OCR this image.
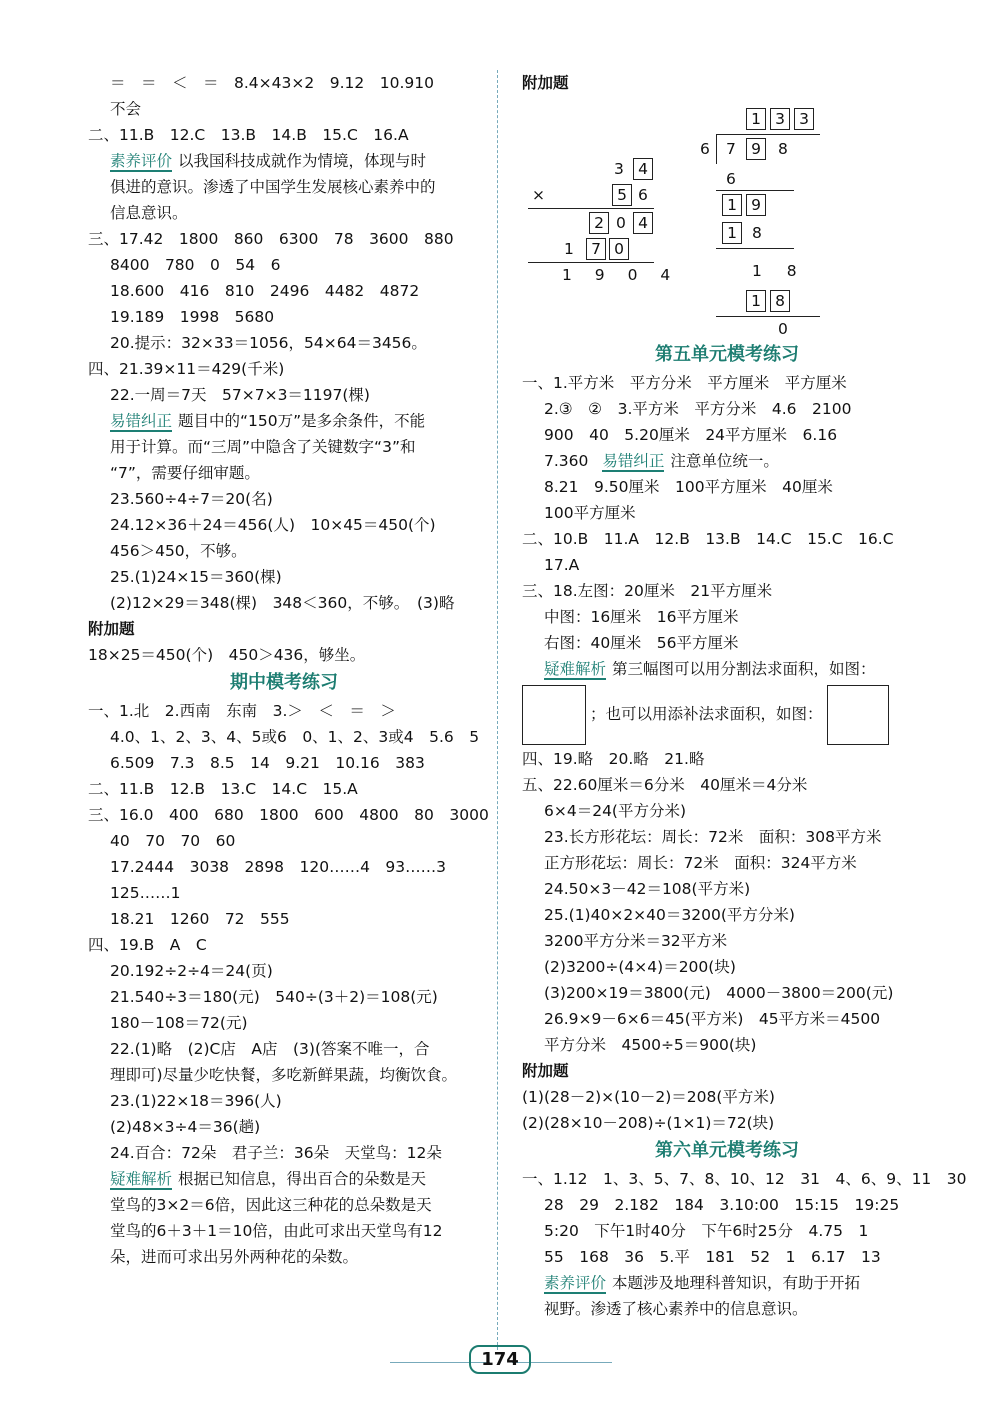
＝　＝　＜　＝　8.4×43×2　9.12　10.910
不会
二、11.B　12.C　13.B　14.B　15.C　16.A
素养评价 以我国科技成就作为情境，体现与时
俱进的意识。渗透了中国学生发展核心素养中的
信息意识。
三、17.42　1800　860　6300　78　3600　880
8400　780　0　54　6
18.600　416　810　2496　4482　4872
19.189　1998　5680
20.提示：32×33＝1056，54×64＝3456。
四、21.39×11＝429(千米)
22.一周＝7天　57×7×3＝1197(棵)
易错纠正 题目中的“150万”是多余条件，不能
用于计算。而“三周”中隐含了关键数字“3”和
“7”，需要仔细审题。
23.560÷4÷7＝20(名)
24.12×36＋24＝456(人)　10×45＝450(个)
456＞450，不够。
25.(1)24×15＝360(棵)
(2)12×29＝348(棵)　348＜360，不够。　(3)略
附加题
18×25＝450(个)　450＞436，够坐。
期中模考练习
一、1.北　2.西南　东南　3.＞　＜　＝　＞
4.0、1、2、3、4、5或6　0、1、2、3或4　5.6　5
6.509　7.3　8.5　14　9.21　10.16　383
二、11.B　12.B　13.C　14.C　15.A
三、16.0　400　680　1800　600　4800　80　3000
40　70　70　60
17.2444　3038　2898　120……4　93……3
125……1
18.21　1260　72　555
四、19.B　A　C
20.192÷2÷4＝24(页)
21.540÷3＝180(元)　540÷(3＋2)＝108(元)
180－108＝72(元)
22.(1)略　(2)C店　A店　(3)(答案不唯一，合
理即可)尽量少吃快餐，多吃新鲜果蔬，均衡饮食。
23.(1)22×18＝396(人)
(2)48×3÷4＝36(趟)
24.百合：72朵　君子兰：36朵　天堂鸟：12朵
疑难解析 根据已知信息，得出百合的朵数是天
堂鸟的3×2＝6倍，因此这三种花的总朵数是天
堂鸟的6＋3＋1＝10倍，由此可求出天堂鸟有12
朵，进而可求出另外两种花的朵数。
附加题
第五单元模考练习
一、1.平方米　平方分米　平方厘米　平方厘米
2.③　②　3.平方米　平方分米　4.6　2100
900　40　5.20厘米　24平方厘米　6.16
7.360 易错纠正 注意单位统一。
8.21　9.50厘米　100平方厘米　40厘米
100平方厘米
二、10.B　11.A　12.B　13.B　14.C　15.C　16.C
17.A
三、18.左图：20厘米　21平方厘米
中图：16厘米　16平方厘米
右图：40厘米　56平方厘米
疑难解析 第三幅图可以用分割法求面积，如图：
；也可以用添补法求面积，如图：
四、19.略　20.略　21.略
五、22.60厘米＝6分米　40厘米＝4分米
6×4＝24(平方分米)
23.长方形花坛：周长：72米　面积：308平方米
正方形花坛：周长：72米　面积：324平方米
24.50×3－42＝108(平方米)
25.(1)40×2×40＝3200(平方分米)
3200平方分米＝32平方米
(2)3200÷(4×4)＝200(块)
(3)200×19＝3800(元)　4000－3800＝200(元)
26.9×9－6×6＝45(平方米)　45平方米＝4500
平方分米　4500÷5＝900(块)
附加题
(1)(28－2)×(10－2)＝208(平方米)
(2)(28×10－208)÷(1×1)＝72(块)
第六单元模考练习
一、1.12　1、3、5、7、8、10、12　31　4、6、9、11　30
28　29　2.182　184　3.10:00　15:15　19:25
5:20　下午1时40分　下午6时25分　4.75　1
55　168　36　5.平　181　52　1　6.17　13
素养评价 本题涉及地理科普知识，有助于开拓
视野。渗透了核心素养中的信息意识。
3 4
×	5 6
2 0 4
1	7 0
1 9 0 4
1 3 3
6 7 9	8
6
1 9
1 8
1 8
1 8
0
174
